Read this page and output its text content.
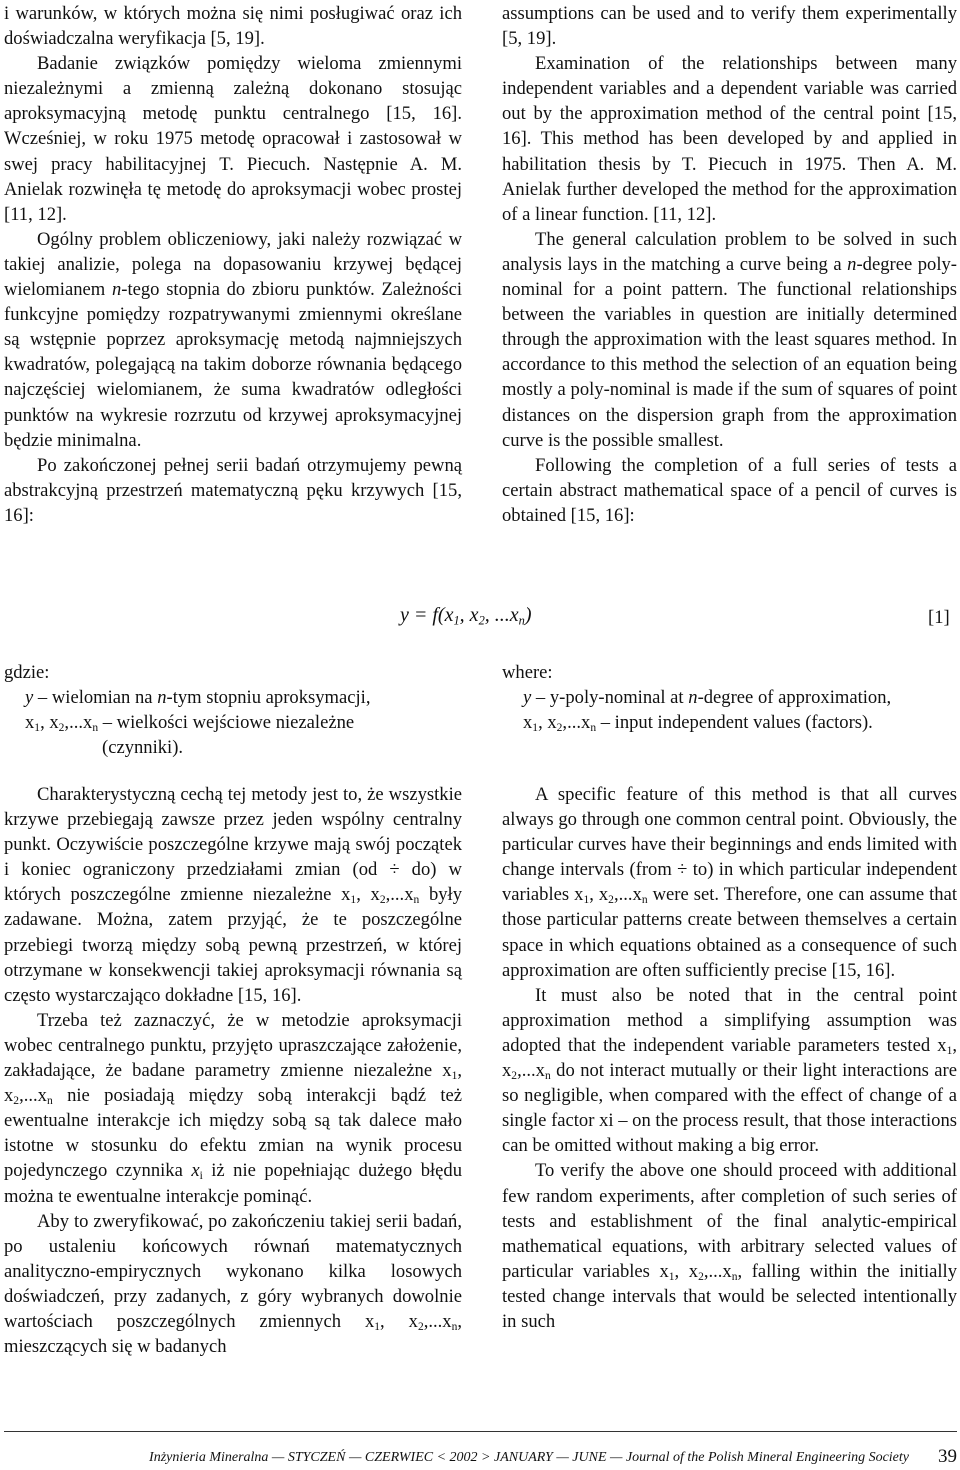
i warunków, w których można się nimi posługiwać oraz ich doświadczalna weryfikacja [5, 19].

Badanie związków pomiędzy wieloma zmiennymi niezależnymi a zmienną zależną dokonano stosując aproksymacyjną metodę punktu centralnego [15, 16]. Wcześniej, w roku 1975 metodę opracował i zastosował w swej pracy habilitacyjnej T. Piecuch. Następnie A. M. Anielak rozwinęła tę metodę do aproksymacji wobec prostej [11, 12].

Ogólny problem obliczeniowy, jaki należy rozwiązać w takiej analizie, polega na dopasowaniu krzywej będącej wielomianem n-tego stopnia do zbioru punktów. Zależności funkcyjne pomiędzy rozpatrywanymi zmiennymi określane są wstępnie poprzez aproksymację metodą najmniejszych kwadratów, polegającą na takim doborze równania będącego najczęściej wielomianem, że suma kwadratów odległości punktów na wykresie rozrzutu od krzywej aproksymacyjnej będzie minimalna.

Po zakończonej pełnej serii badań otrzymujemy pewną abstrakcyjną przestrzeń matematyczną pęku krzywych [15, 16]:

assumptions can be used and to verify them experimentally [5, 19].

Examination of the relationships between many independent variables and a dependent variable was carried out by the approximation method of the central point [15, 16]. This method has been developed by and applied in habilitation thesis by T. Piecuch in 1975. Then A. M. Anielak further developed the method for the approximation of a linear function. [11, 12].

The general calculation problem to be solved in such analysis lays in the matching a curve being a n-degree poly-nominal for a point pattern. The functional relationships between the variables in question are initially determined through the approximation with the least squares method. In accordance to this method the selection of an equation being mostly a poly-nominal is made if the sum of squares of point distances on the dispersion graph from the approximation curve is the possible smallest.

Following the completion of a full series of tests a certain abstract mathematical space of a pencil of curves is obtained [15, 16]:

$y = f(x_1$, $x_2$, $...x_n$)	[1]

gdzie:

y – wielomian na n-tym stopniu aproksymacji,

$x_1$, $x_2,...x_n$ – wielkości wejściowe niezależne

(czynniki).

where:

y – y-poly-nominal at n-degree of approximation,

$x_1$, $x_2,...x_n$ – input independent values (factors).

Charakterystyczną cechą tej metody jest to, że wszystkie krzywe przebiegają zawsze przez jeden wspólny centralny punkt. Oczywiście poszczególne krzywe mają swój początek i koniec ograniczony przedziałami zmian (od ÷ do) w których poszczególne zmienne niezależne $x_1$, $x_2,...x_n$ były zadawane. Można, zatem przyjąć, że te poszczególne przebiegi tworzą między sobą pewną przestrzeń, w której otrzymane w konsekwencji takiej aproksymacji równania są często wystarczająco dokładne [15, 16].

Trzeba też zaznaczyć, że w metodzie aproksymacji wobec centralnego punktu, przyjęto upraszczające założenie, zakładające, że badane parametry zmienne niezależne $x_1$, $x_2,...x_n$ nie posiadają między sobą interakcji bądź też ewentualne interakcje ich między sobą są tak dalece mało istotne w stosunku do efektu zmian na wynik procesu pojedynczego czynnika $x_i$ iż nie popełniając dużego błędu można te ewentualne interakcje pominąć.

Aby to zweryfikować, po zakończeniu takiej serii badań, po ustaleniu końcowych równań matematycznych analityczno-empirycznych wykonano kilka losowych doświadczeń, przy zadanych, z góry wybranych dowolnie wartościach poszczególnych zmiennych $x_1$, $x_2,...x_n$, mieszczących się w badanych

A specific feature of this method is that all curves always go through one common central point. Obviously, the particular curves have their beginnings and ends limited with change intervals (from ÷ to) in which particular independent variables $x_1$, $x_2,...x_n$ were set. Therefore, one can assume that those particular patterns create between themselves a certain space in which equations obtained as a consequence of such approximation are often sufficiently precise [15, 16].

It must also be noted that in the central point approximation method a simplifying assumption was adopted that the independent variable parameters tested $x_1$, $x_2,...x_n$ do not interact mutually or their light interactions are so negligible, when compared with the effect of change of a single factor xi – on the process result, that those interactions can be omitted without making a big error.

To verify the above one should proceed with additional few random experiments, after completion of such series of tests and establishment of the final analytic-empirical mathematical equations, with arbitrary selected values of particular variables $x_1$, $x_2,...x_n$, falling within the initially tested change intervals that would be selected intentionally in such

Inżynieria Mineralna — STYCZEŃ — CZERWIEC < 2002 > JANUARY — JUNE — Journal of the Polish Mineral Engineering Society 39
